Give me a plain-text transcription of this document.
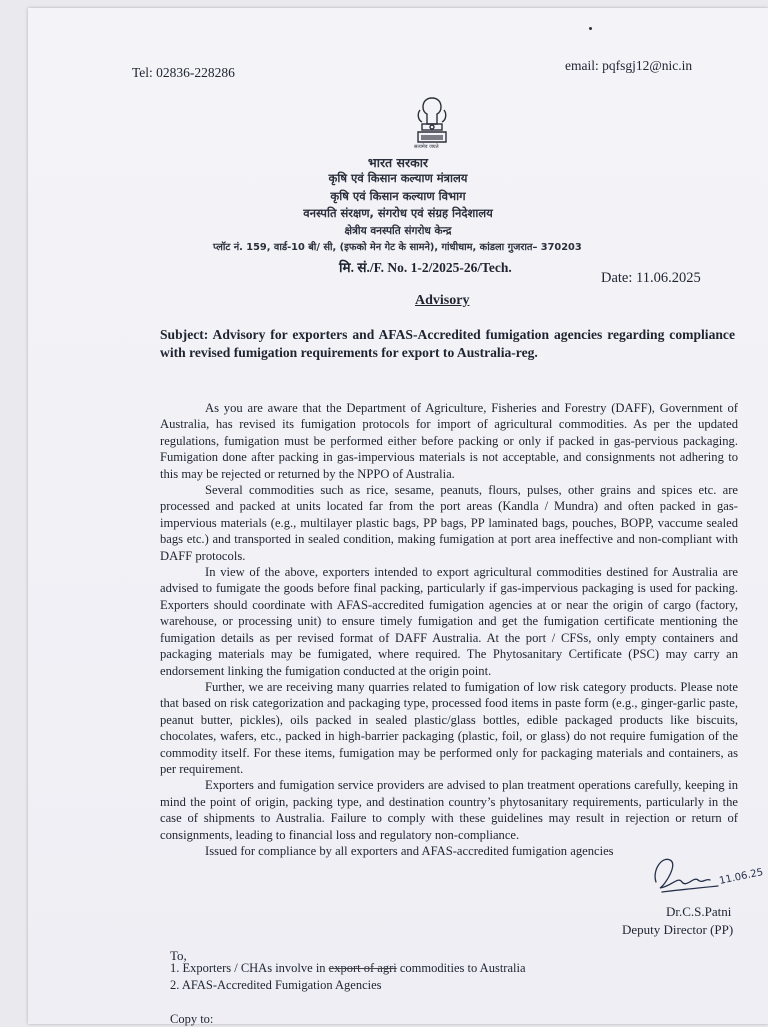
Tel: 02836-228286	email: pqfsgj12@nic.in
सत्यमेव जयते
भारत सरकार
कृषि एवं किसान कल्याण मंत्रालय
कृषि एवं किसान कल्याण विभाग
वनस्पति संरक्षण, संगरोध एवं संग्रह निदेशालय
क्षेत्रीय वनस्पति संगरोध केन्द्र
प्लॉट नं. 159, वार्ड-10 बी/ सी, (इफको मेन गेट के सामने), गांधीधाम, कांडला गुजरात– 370203
मि. सं./F. No. 1-2/2025-26/Tech.
Date: 11.06.2025
Advisory
Subject: Advisory for exporters and AFAS-Accredited fumigation agencies regarding compliance with revised fumigation requirements for export to Australia-reg.

As you are aware that the Department of Agriculture, Fisheries and Forestry (DAFF), Government of Australia, has revised its fumigation protocols for import of agricultural commodities. As per the updated regulations, fumigation must be performed either before packing or only if packed in gas-pervious packaging. Fumigation done after packing in gas-impervious materials is not acceptable, and consignments not adhering to this may be rejected or returned by the NPPO of Australia.

Several commodities such as rice, sesame, peanuts, flours, pulses, other grains and spices etc. are processed and packed at units located far from the port areas (Kandla / Mundra) and often packed in gas-impervious materials (e.g., multilayer plastic bags, PP bags, PP laminated bags, pouches, BOPP, vaccume sealed bags etc.) and transported in sealed condition, making fumigation at port area ineffective and non-compliant with DAFF protocols.

In view of the above, exporters intended to export agricultural commodities destined for Australia are advised to fumigate the goods before final packing, particularly if gas-impervious packaging is used for packing. Exporters should coordinate with AFAS-accredited fumigation agencies at or near the origin of cargo (factory, warehouse, or processing unit) to ensure timely fumigation and get the fumigation certificate mentioning the fumigation details as per revised format of DAFF Australia. At the port / CFSs, only empty containers and packaging materials may be fumigated, where required. The Phytosanitary Certificate (PSC) may carry an endorsement linking the fumigation conducted at the origin point.

Further, we are receiving many quarries related to fumigation of low risk category products. Please note that based on risk categorization and packaging type, processed food items in paste form (e.g., ginger-garlic paste, peanut butter, pickles), oils packed in sealed plastic/glass bottles, edible packaged products like biscuits, chocolates, wafers, etc., packed in high-barrier packaging (plastic, foil, or glass) do not require fumigation of the commodity itself. For these items, fumigation may be performed only for packaging materials and containers, as per requirement.

Exporters and fumigation service providers are advised to plan treatment operations carefully, keeping in mind the point of origin, packing type, and destination country’s phytosanitary requirements, particularly in the case of shipments to Australia. Failure to comply with these guidelines may result in rejection or return of consignments, leading to financial loss and regulatory non-compliance.

Issued for compliance by all exporters and AFAS-accredited fumigation agencies

11.06.25
Dr.C.S.Patni
Deputy Director (PP)
To,
1. Exporters / CHAs involve in export of agri commodities to Australia
2. AFAS-Accredited Fumigation Agencies
Copy to:
